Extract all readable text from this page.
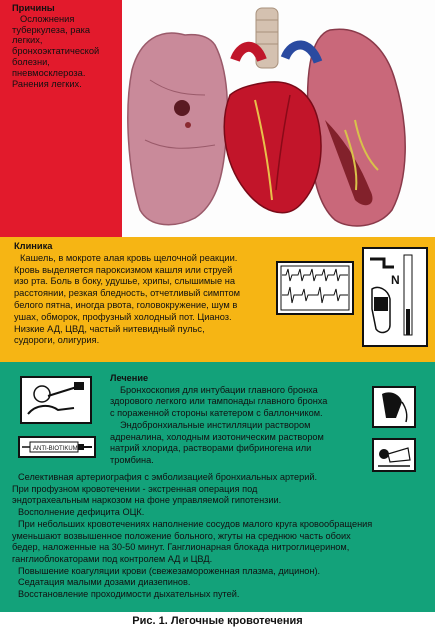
Причины
Осложнения
туберкулеза, рака
легких,
бронхоэктатической
болезни,
пневмосклероза.
Ранения легких.
Клиника
Кашель, в мокроте алая кровь щелочной реакции.
Кровь выделяется пароксизмом кашля или струей
изо рта. Боль в боку, удушье, хрипы, слышимые на
расстоянии, резкая бледность, отчетливый симптом
белого пятна, иногда рвота, головокружение, шум в
ушах, обморок, профузный холодный пот. Цианоз.
Низкие АД, ЦВД, частый нитевидный пульс,
судороги, олигурия.
N
ANTI-BIOTIKUM
Лечение
Бронхоскопия для интубации главного бронха
здорового легкого или тампонады главного бронха
с пораженной стороны катетером с баллончиком.
Эндобронхиальные инстилляции раствором
адреналина, холодным изотоническим раствором
натрий хлорида, растворами фибриногена или
тромбина.
Селективная артериография с эмболизацией бронхиальных артерий.
При профузном кровотечении - экстренная операция под
эндотрахеальным наркозом на фоне управляемой гипотензии.
Восполнение дефицита ОЦК.
При небольших кровотечениях наполнение сосудов малого круга кровообращения
уменьшают возвышенное положение больного, жгуты на среднюю часть обоих
бедер, наложенные на 30-50 минут. Ганглионарная блокада нитроглицерином,
ганглиоблокаторами под контролем АД и ЦВД.
Повышение коагуляции крови (свежезамороженная плазма, дицинон).
Седатация малыми дозами диазепинов.
Восстановление проходимости дыхательных путей.
Рис. 1. Легочные кровотечения
